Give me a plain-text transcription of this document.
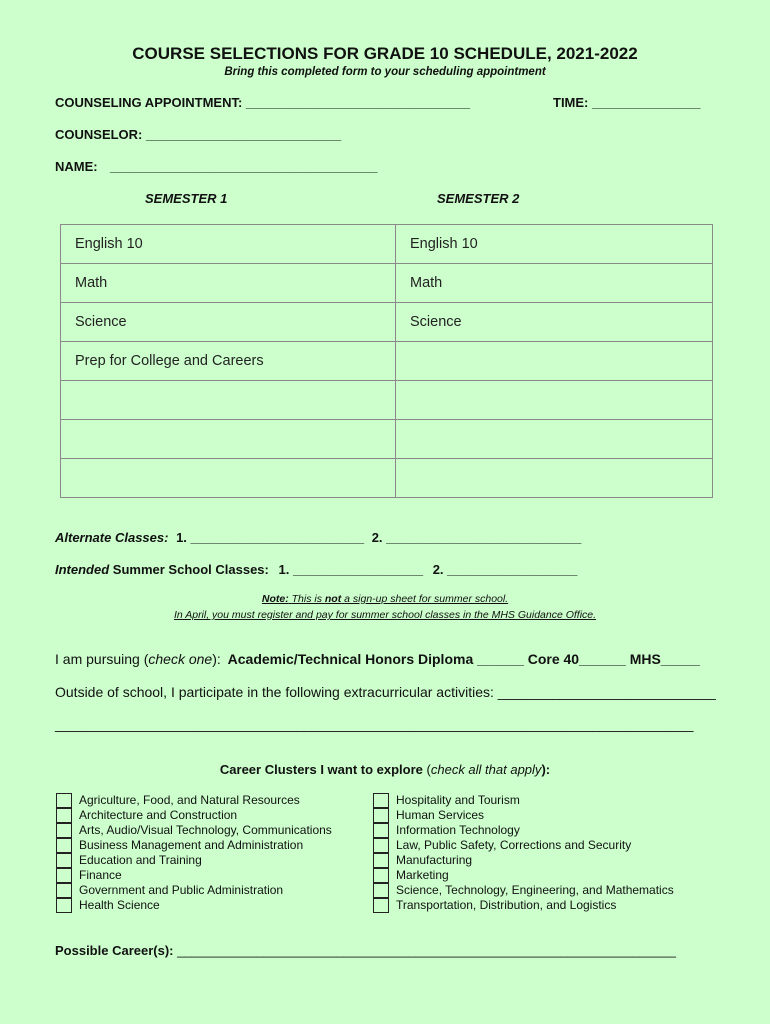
COURSE SELECTIONS FOR GRADE 10 SCHEDULE, 2021-2022
Bring this completed form to your scheduling appointment
COUNSELING APPOINTMENT: _______________________________	TIME: _______________
COUNSELOR: ___________________________
NAME: _____________________________________
SEMESTER 1	SEMESTER 2
English 10	English 10
Math	Math
Science	Science
Prep for College and Careers	

Alternate Classes: 1. ________________________ 2. ___________________________
Intended Summer School Classes: 1. __________________ 2. __________________
Note: This is not a sign-up sheet for summer school.
In April, you must register and pay for summer school classes in the MHS Guidance Office.
I am pursuing (check one): Academic/Technical Honors Diploma ______ Core 40______ MHS_____
Outside of school, I participate in the following extracurricular activities: ____________________________
__________________________________________________________________________________
Career Clusters I want to explore (check all that apply):
Agriculture, Food, and Natural Resources
Architecture and Construction
Arts, Audio/Visual Technology, Communications
Business Management and Administration
Education and Training
Finance
Government and Public Administration
Health Science
Hospitality and Tourism
Human Services
Information Technology
Law, Public Safety, Corrections and Security
Manufacturing
Marketing
Science, Technology, Engineering, and Mathematics
Transportation, Distribution, and Logistics
Possible Career(s): _____________________________________________________________________
